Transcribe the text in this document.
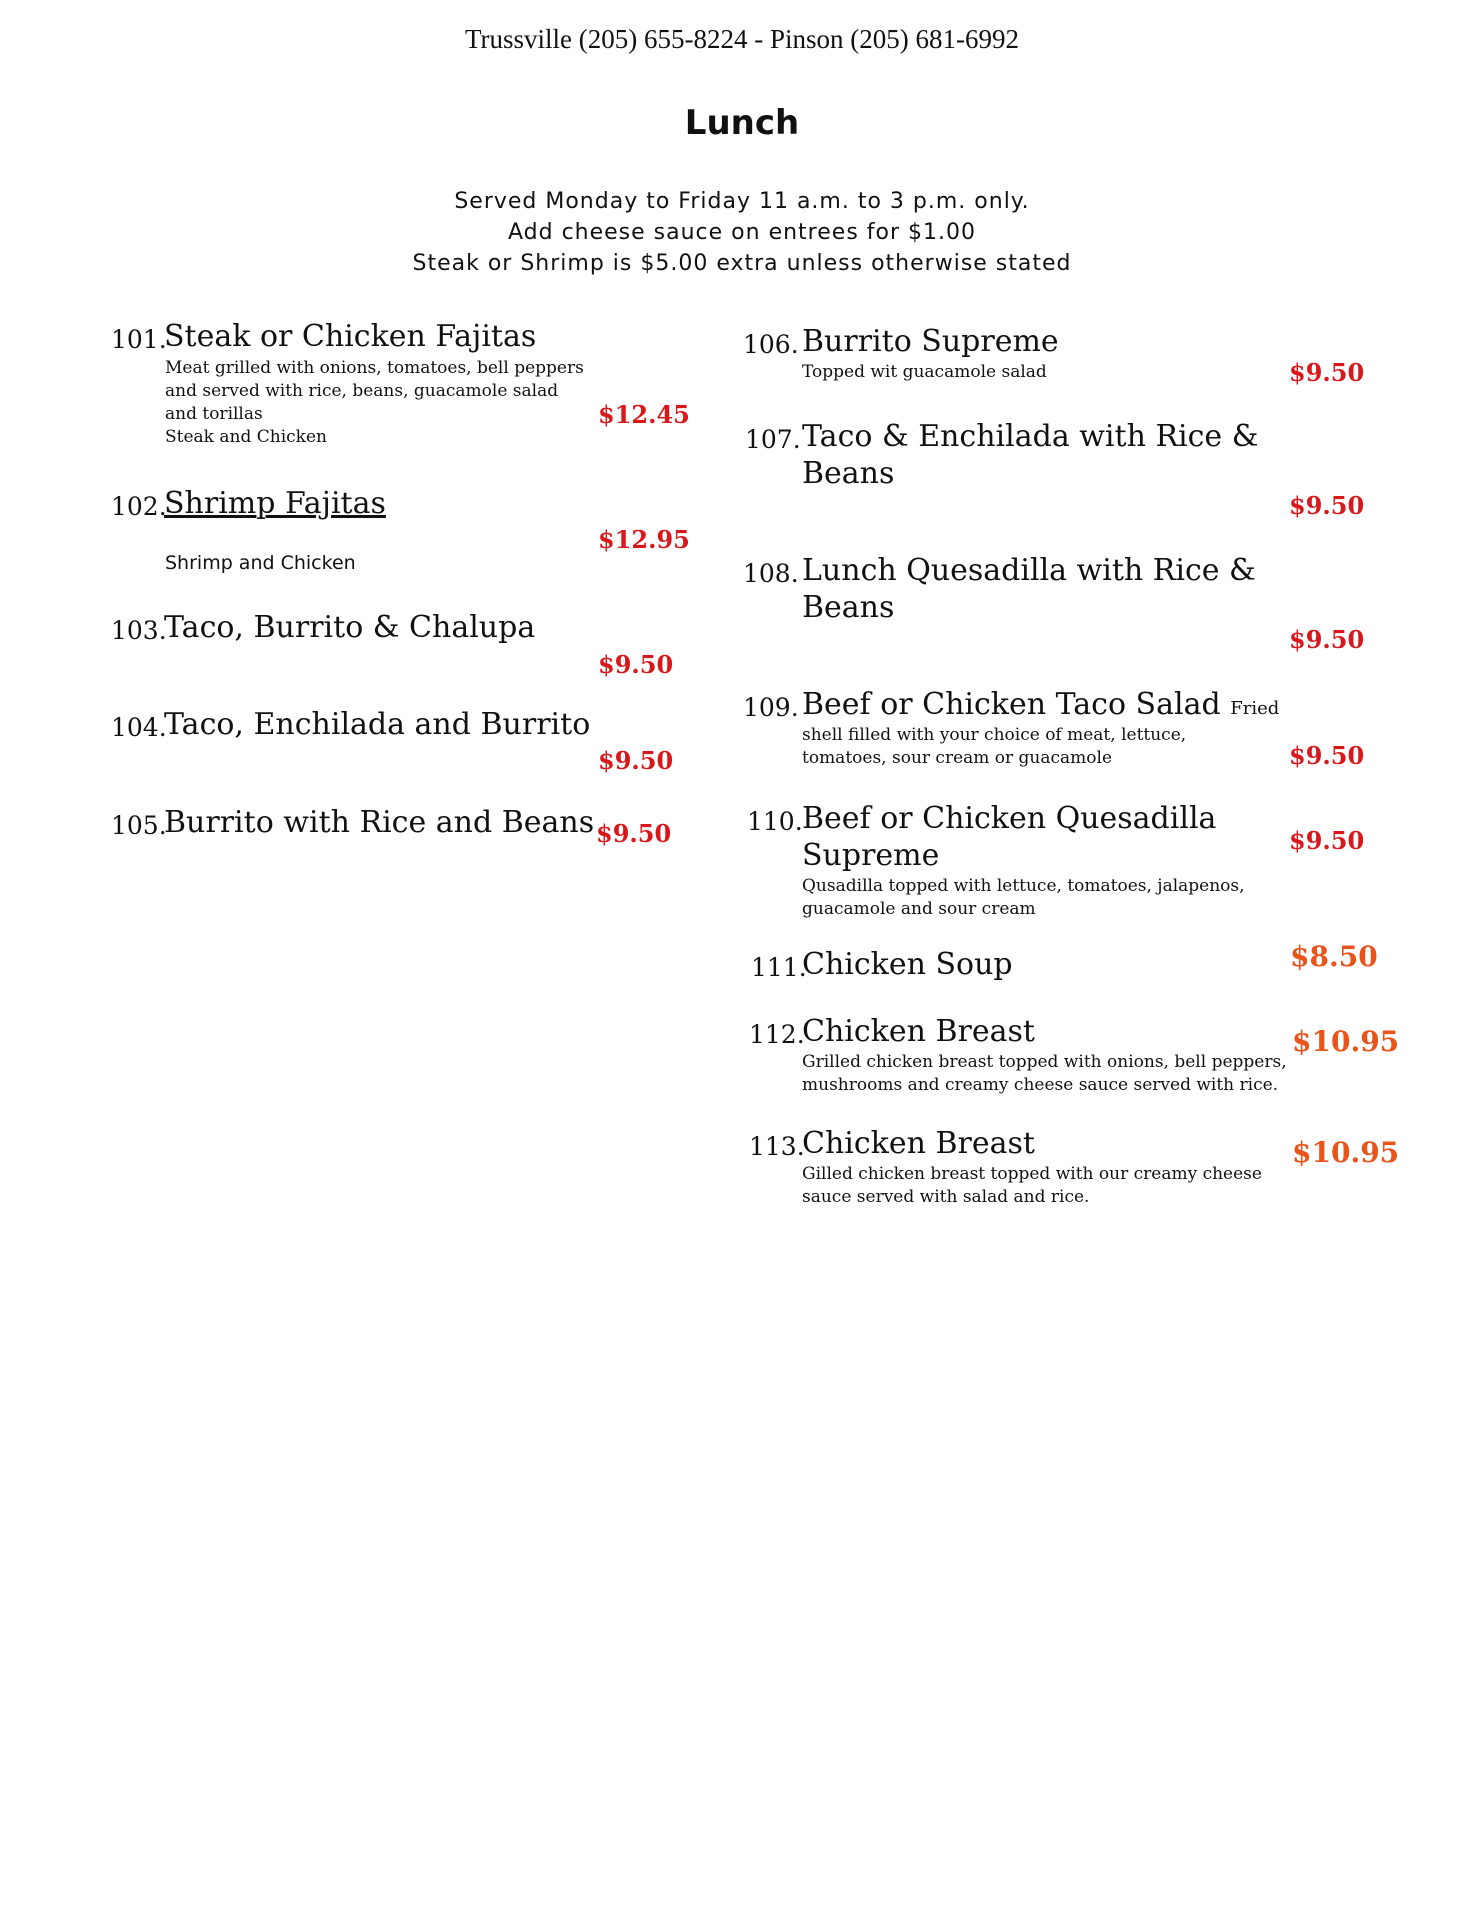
Trussville (205) 655-8224 - Pinson (205) 681-6992
Lunch
Served Monday to Friday 11 a.m. to 3 p.m. only.
Add cheese sauce on entrees for $1.00
Steak or Shrimp is $5.00 extra unless otherwise stated
101.
Steak or Chicken Fajitas
Meat grilled with onions, tomatoes, bell peppers
and served with rice, beans, guacamole salad
and torillas
Steak and Chicken
$12.45
102.
Shrimp Fajitas
$12.95
Shrimp and Chicken
103.
Taco, Burrito & Chalupa
$9.50
104.
Taco, Enchilada and Burrito
$9.50
105.
Burrito with Rice and Beans $9.50
106. Burrito Supreme
Topped wit guacamole salad	$9.50
107. Taco & Enchilada with Rice &
Beans
$9.50
108. Lunch Quesadilla with Rice &
Beans
$9.50
109. Beef or Chicken Taco Salad Fried
shell filled with your choice of meat, lettuce,
tomatoes, sour cream or guacamole	$9.50
110. Beef or Chicken Quesadilla
Supreme
Qusadilla topped with lettuce, tomatoes, jalapenos,
guacamole and sour cream
$9.50
111.
Chicken Soup	$8.50
112.
Chicken Breast
Grilled chicken breast topped with onions, bell peppers,
mushrooms and creamy cheese sauce served with rice.
$10.95
113.
Chicken Breast
Gilled chicken breast topped with our creamy cheese
sauce served with salad and rice.
$10.95
